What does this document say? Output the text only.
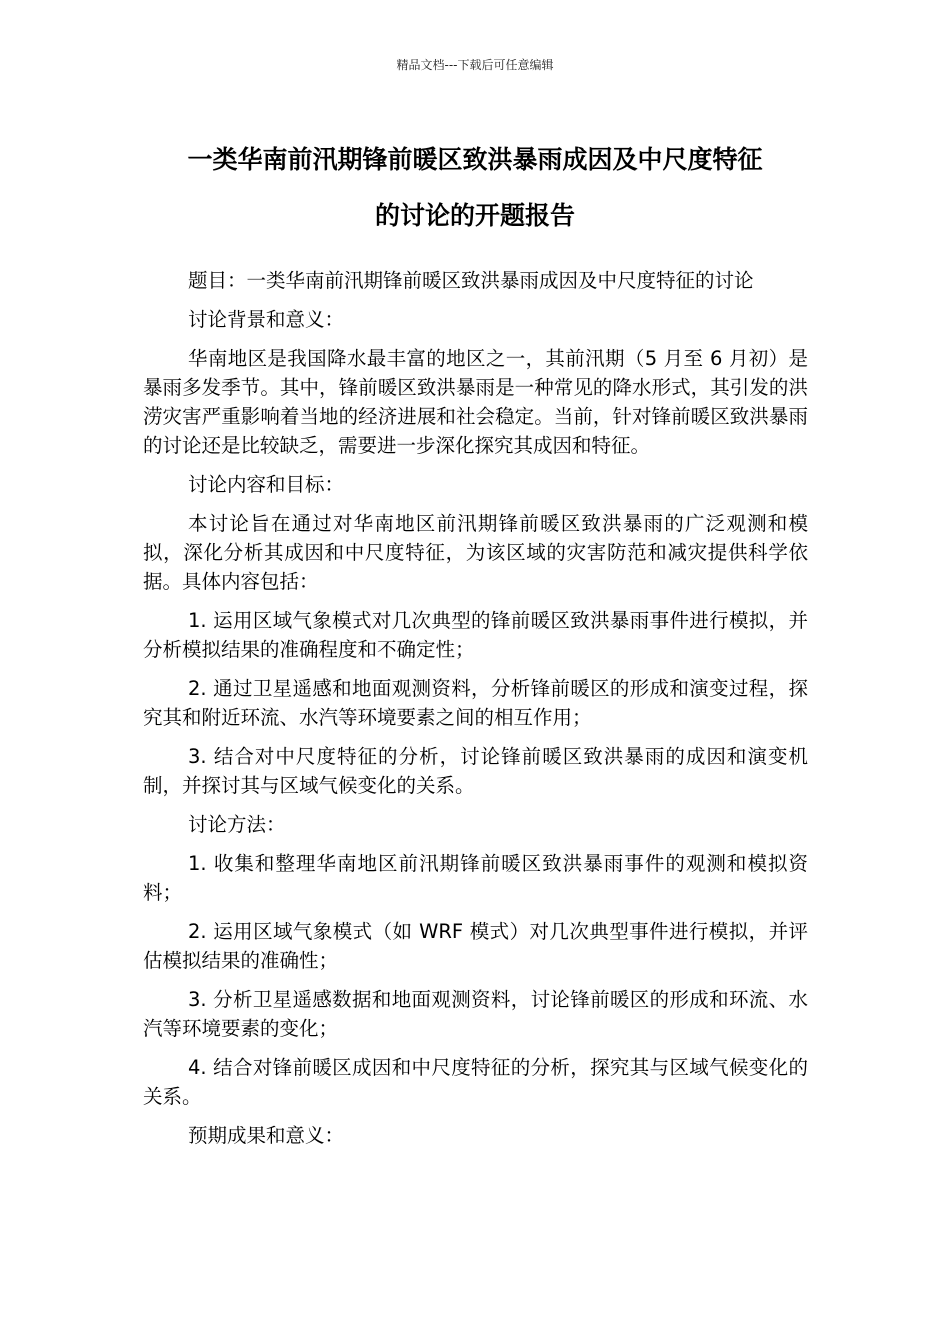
精品文档---下载后可任意编辑
一类华南前汛期锋前暖区致洪暴雨成因及中尺度特征
的讨论的开题报告

题目：一类华南前汛期锋前暖区致洪暴雨成因及中尺度特征的讨论

讨论背景和意义：

华南地区是我国降水最丰富的地区之一，其前汛期（5 月至 6 月初）是暴雨多发季节。其中，锋前暖区致洪暴雨是一种常见的降水形式，其引发的洪涝灾害严重影响着当地的经济进展和社会稳定。当前，针对锋前暖区致洪暴雨的讨论还是比较缺乏，需要进一步深化探究其成因和特征。

讨论内容和目标：

本讨论旨在通过对华南地区前汛期锋前暖区致洪暴雨的广泛观测和模拟，深化分析其成因和中尺度特征，为该区域的灾害防范和减灾提供科学依据。具体内容包括：

1. 运用区域气象模式对几次典型的锋前暖区致洪暴雨事件进行模拟，并分析模拟结果的准确程度和不确定性；

2. 通过卫星遥感和地面观测资料，分析锋前暖区的形成和演变过程，探究其和附近环流、水汽等环境要素之间的相互作用；

3. 结合对中尺度特征的分析，讨论锋前暖区致洪暴雨的成因和演变机制，并探讨其与区域气候变化的关系。

讨论方法：

1. 收集和整理华南地区前汛期锋前暖区致洪暴雨事件的观测和模拟资料；

2. 运用区域气象模式（如 WRF 模式）对几次典型事件进行模拟，并评估模拟结果的准确性；

3. 分析卫星遥感数据和地面观测资料，讨论锋前暖区的形成和环流、水汽等环境要素的变化；

4. 结合对锋前暖区成因和中尺度特征的分析，探究其与区域气候变化的关系。

预期成果和意义：
